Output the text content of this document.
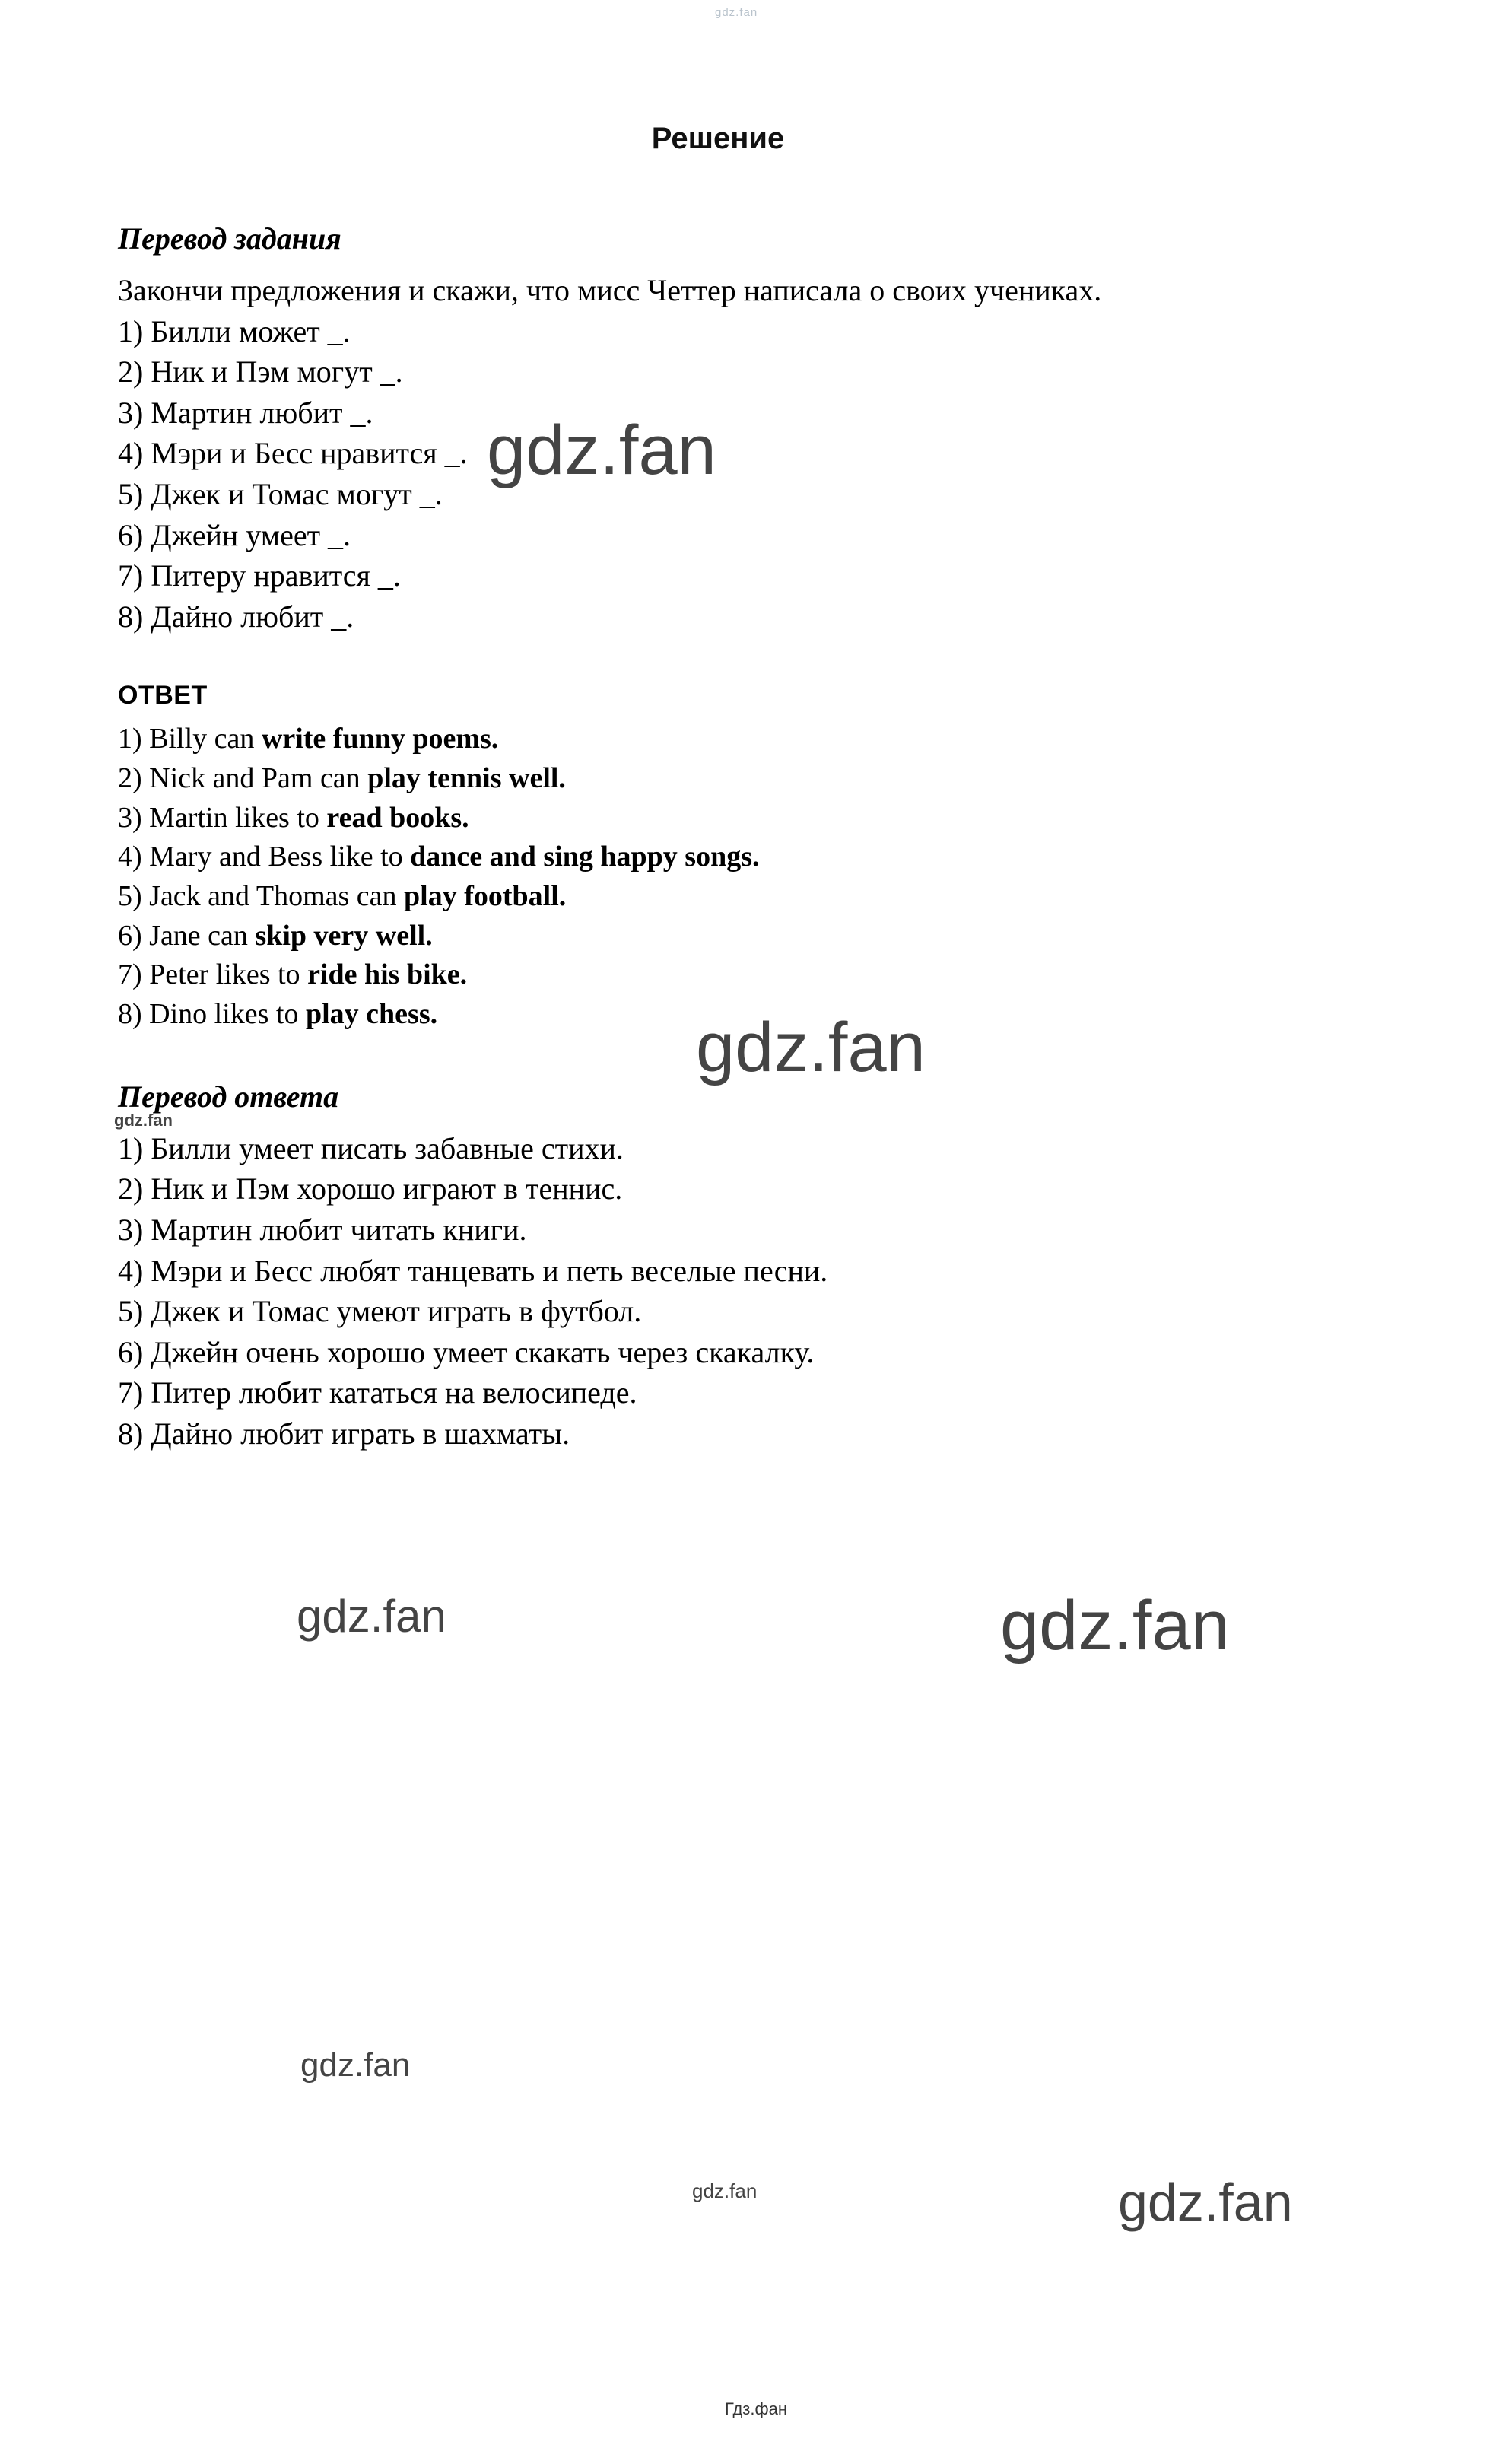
gdz.fan
Решение
Перевод задания

Закончи предложения и скажи, что мисс Четтер написала о своих учениках.

1) Билли может _.

2) Ник и Пэм могут _.

3) Мартин любит _.

4) Мэри и Бесс нравится _.

5) Джек и Томас могут _.

6) Джейн умеет _.

7) Питеру нравится _.

8) Дайно любит _.

ОТВЕТ

1) Billy can write funny poems.

2) Nick and Pam can play tennis well.

3) Martin likes to read books.

4) Mary and Bess like to dance and sing happy songs.

5) Jack and Thomas can play football.

6) Jane can skip very well.

7) Peter likes to ride his bike.

8) Dino likes to play chess.

Перевод ответа

1) Билли умеет писать забавные стихи.

2) Ник и Пэм хорошо играют в теннис.

3) Мартин любит читать книги.

4) Мэри и Бесс любят танцевать и петь веселые песни.

5) Джек и Томас умеют играть в футбол.

6) Джейн очень хорошо умеет скакать через скакалку.

7) Питер любит кататься на велосипеде.

8) Дайно любит играть в шахматы.

gdz.fan
gdz.fan
gdz.fan
gdz.fan	gdz.fan
gdz.fan
gdz.fan	gdz.fan
Гдз.фан
